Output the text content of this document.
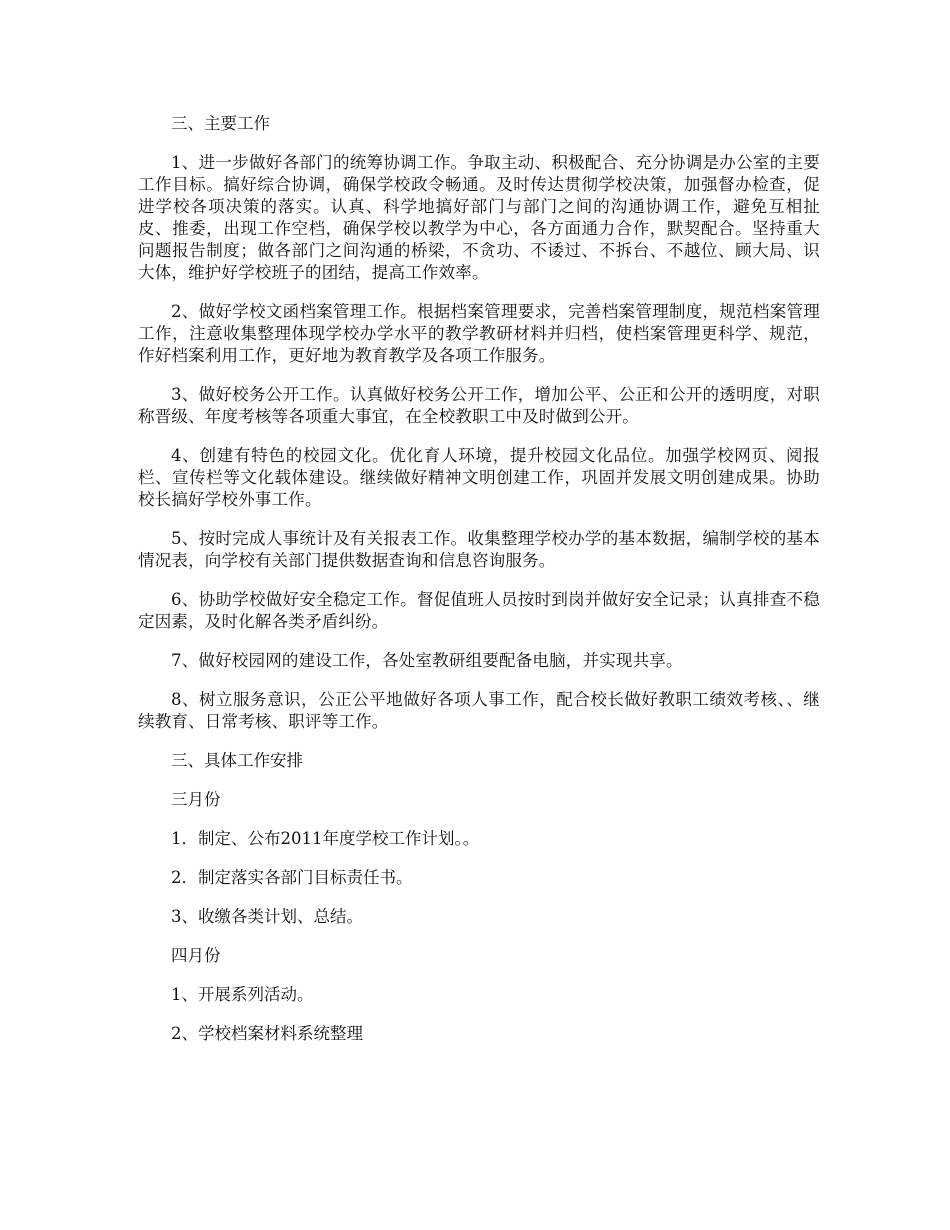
三、主要工作

1、进一步做好各部门的统筹协调工作。争取主动、积极配合、充分协调是办公室的主要工作目标。搞好综合协调，确保学校政令畅通。及时传达贯彻学校决策，加强督办检查，促进学校各项决策的落实。认真、科学地搞好部门与部门之间的沟通协调工作，避免互相扯皮、推委，出现工作空档，确保学校以教学为中心，各方面通力合作，默契配合。坚持重大问题报告制度；做各部门之间沟通的桥梁，不贪功、不诿过、不拆台、不越位、顾大局、识大体，维护好学校班子的团结，提高工作效率。

2、做好学校文函档案管理工作。根据档案管理要求，完善档案管理制度，规范档案管理工作，注意收集整理体现学校办学水平的教学教研材料并归档，使档案管理更科学、规范，作好档案利用工作，更好地为教育教学及各项工作服务。

3、做好校务公开工作。认真做好校务公开工作，增加公平、公正和公开的透明度，对职称晋级、年度考核等各项重大事宜，在全校教职工中及时做到公开。

4、创建有特色的校园文化。优化育人环境，提升校园文化品位。加强学校网页、阅报栏、宣传栏等文化载体建设。继续做好精神文明创建工作，巩固并发展文明创建成果。协助校长搞好学校外事工作。

5、按时完成人事统计及有关报表工作。收集整理学校办学的基本数据，编制学校的基本情况表，向学校有关部门提供数据查询和信息咨询服务。

6、协助学校做好安全稳定工作。督促值班人员按时到岗并做好安全记录；认真排查不稳定因素，及时化解各类矛盾纠纷。

7、做好校园网的建设工作，各处室教研组要配备电脑，并实现共享。

8、树立服务意识，公正公平地做好各项人事工作，配合校长做好教职工绩效考核、、继续教育、日常考核、职评等工作。

三、具体工作安排

三月份

1．制定、公布2011年度学校工作计划。。

2．制定落实各部门目标责任书。

3、收缴各类计划、总结。

四月份

1、开展系列活动。

2、学校档案材料系统整理
